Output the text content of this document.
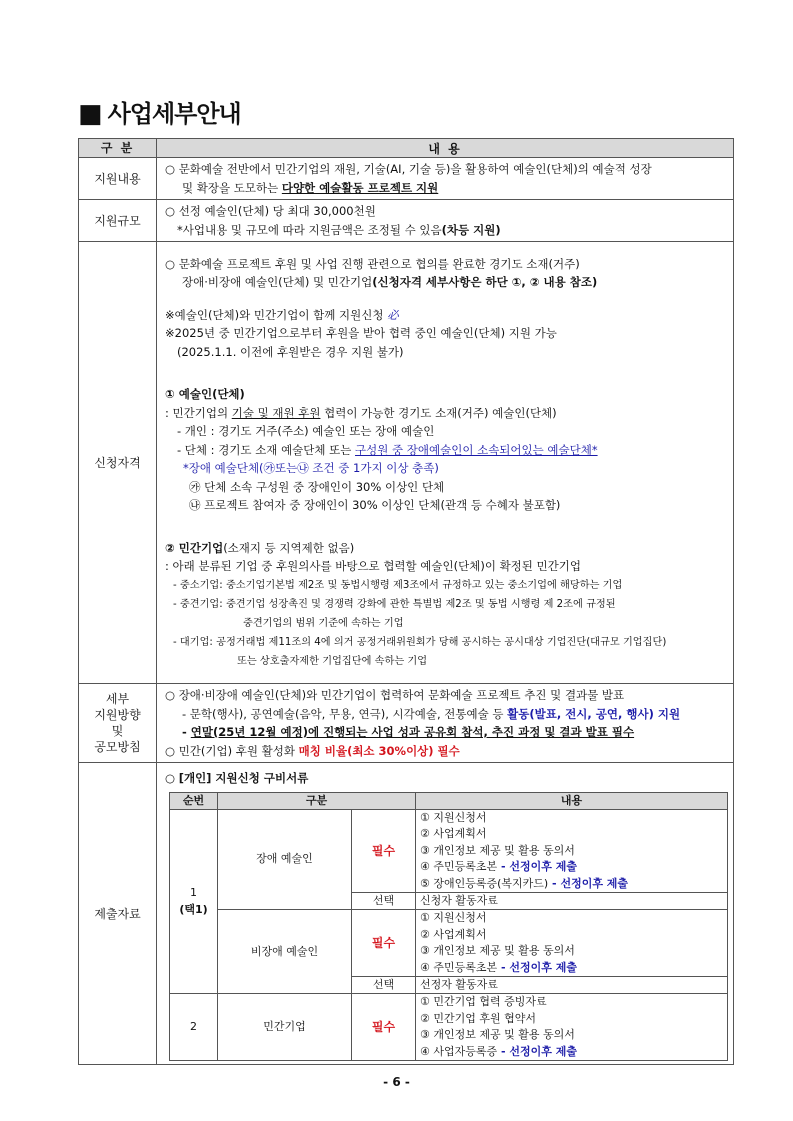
■ 사업세부안내
구 분	내 용
지원내용	
○ 문화예술 전반에서 민간기업의 재원, 기술(AI, 기술 등)을 활용하여 예술인(단체)의 예술적 성장
및 확장을 도모하는 다양한 예술활동 프로젝트 지원

지원규모	
○ 선정 예술인(단체) 당 최대 30,000천원
*사업내용 및 규모에 따라 지원금액은 조정될 수 있음(차등 지원)

신청자격	
○ 문화예술 프로젝트 후원 및 사업 진행 관련으로 협의를 완료한 경기도 소재(거주)
장애·비장애 예술인(단체) 및 민간기업(신청자격 세부사항은 하단 ①, ② 내용 참조)
※예술인(단체)와 민간기업이 함께 지원신청 必
※2025년 중 민간기업으로부터 후원을 받아 협력 중인 예술인(단체) 지원 가능
(2025.1.1. 이전에 후원받은 경우 지원 불가)
① 예술인(단체)
: 민간기업의 기술 및 재원 후원 협력이 가능한 경기도 소재(거주) 예술인(단체)
- 개인 : 경기도 거주(주소) 예술인 또는 장애 예술인
- 단체 : 경기도 소재 예술단체 또는 구성원 중 장애예술인이 소속되어있는 예술단체*
*장애 예술단체(㉮또는㉯ 조건 중 1가지 이상 충족)
㉮ 단체 소속 구성원 중 장애인이 30% 이상인 단체
㉯ 프로젝트 참여자 중 장애인이 30% 이상인 단체(관객 등 수혜자 불포함)
② 민간기업(소재지 등 지역제한 없음)
: 아래 분류된 기업 중 후원의사를 바탕으로 협력할 예술인(단체)이 확정된 민간기업
- 중소기업: 중소기업기본법 제2조 및 동법시행령 제3조에서 규정하고 있는 중소기업에 해당하는 기업
- 중견기업: 중견기업 성장촉진 및 경쟁력 강화에 관한 특별법 제2조 및 동법 시행령 제 2조에 규정된
중견기업의 범위 기준에 속하는 기업
- 대기업: 공정거래법 제11조의 4에 의거 공정거래위원회가 당해 공시하는 공시대상 기업진단(대규모 기업집단)
또는 상호출자제한 기업집단에 속하는 기업

세부
지원방향
및
공모방침

○ 장애·비장애 예술인(단체)와 민간기업이 협력하여 문화예술 프로젝트 추진 및 결과물 발표
- 문학(행사), 공연예술(음악, 무용, 연극), 시각예술, 전통예술 등 활동(발표, 전시, 공연, 행사) 지원
- 연말(25년 12월 예정)에 진행되는 사업 성과 공유회 참석, 추진 과정 및 결과 발표 필수
○ 민간(기업) 후원 활성화 매칭 비율(최소 30%이상) 필수

제출자료	
○ [개인] 지원신청 구비서류
순번	구분	내용

1
(택1)
	장애 예술인	필수	
① 지원신청서
② 사업계획서
③ 개인정보 제공 및 활용 동의서
④ 주민등록초본 - 선정이후 제출
⑤ 장애인등록증(복지카드) - 선정이후 제출

선택	신청자 활동자료
비장애 예술인	필수	
① 지원신청서
② 사업계획서
③ 개인정보 제공 및 활용 동의서
④ 주민등록초본 - 선정이후 제출

선택	선정자 활동자료
2	민간기업	필수	
① 민간기업 협력 증빙자료
② 민간기업 후원 협약서
③ 개인정보 제공 및 활용 동의서
④ 사업자등록증 - 선정이후 제출
- 6 -
